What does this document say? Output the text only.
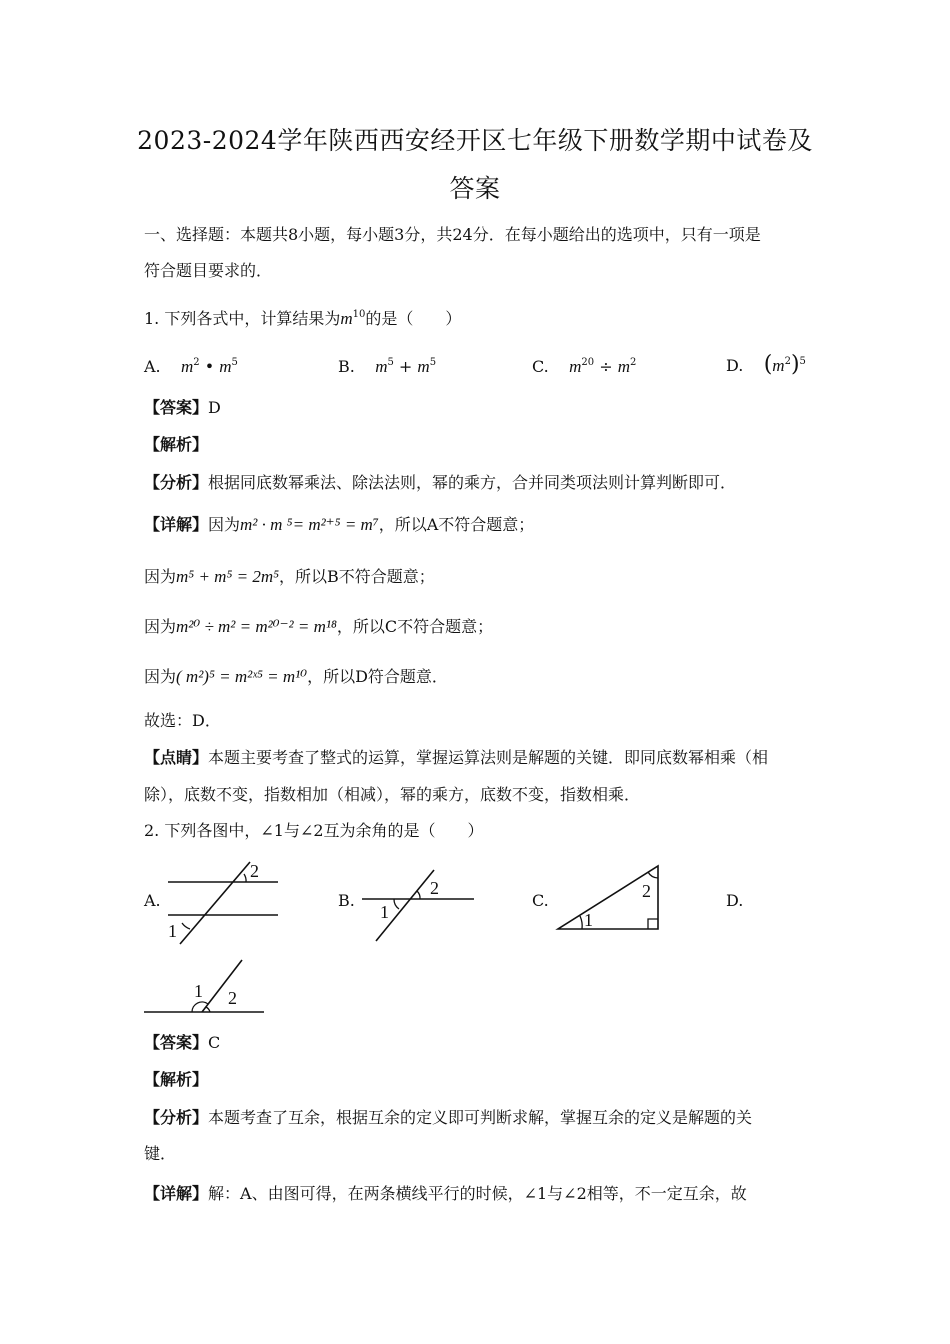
2023-2024学年陕西西安经开区七年级下册数学期中试卷及
答案
一、选择题：本题共8小题，每小题3分，共24分．在每小题给出的选项中，只有一项是
符合题目要求的．
1. 下列各式中，计算结果为$m^{10}$的是（　　）
A. $m^2$ • $m^5$	B. $m^5 + m^5$	C. $m^{20} \div m^2$	D. $(m^2)^5$
【答案】D
【解析】
【分析】根据同底数幂乘法、除法法则，幂的乘方，合并同类项法则计算判断即可．
【详解】因为m² · m ⁵= m²⁺⁵ = m⁷，所以A不符合题意；
因为m⁵ + m⁵ = 2m⁵，所以B不符合题意；
因为m²⁰ ÷ m² = m²⁰⁻² = m¹⁸，所以C不符合题意；
因为( m²)⁵ = m²ˣ⁵ = m¹⁰，所以D符合题意．
故选：D．
【点睛】本题主要考查了整式的运算，掌握运算法则是解题的关键．即同底数幂相乘（相
除），底数不变，指数相加（相减），幂的乘方，底数不变，指数相乘．
2. 下列各图中，∠1与∠2互为余角的是（　　）
A.
1
2
B.
1
2
C.
1
2	D.
1 2
【答案】C
【解析】
【分析】本题考查了互余，根据互余的定义即可判断求解，掌握互余的定义是解题的关
键．
【详解】解：A、由图可得，在两条横线平行的时候，∠1与∠2相等，不一定互余，故
